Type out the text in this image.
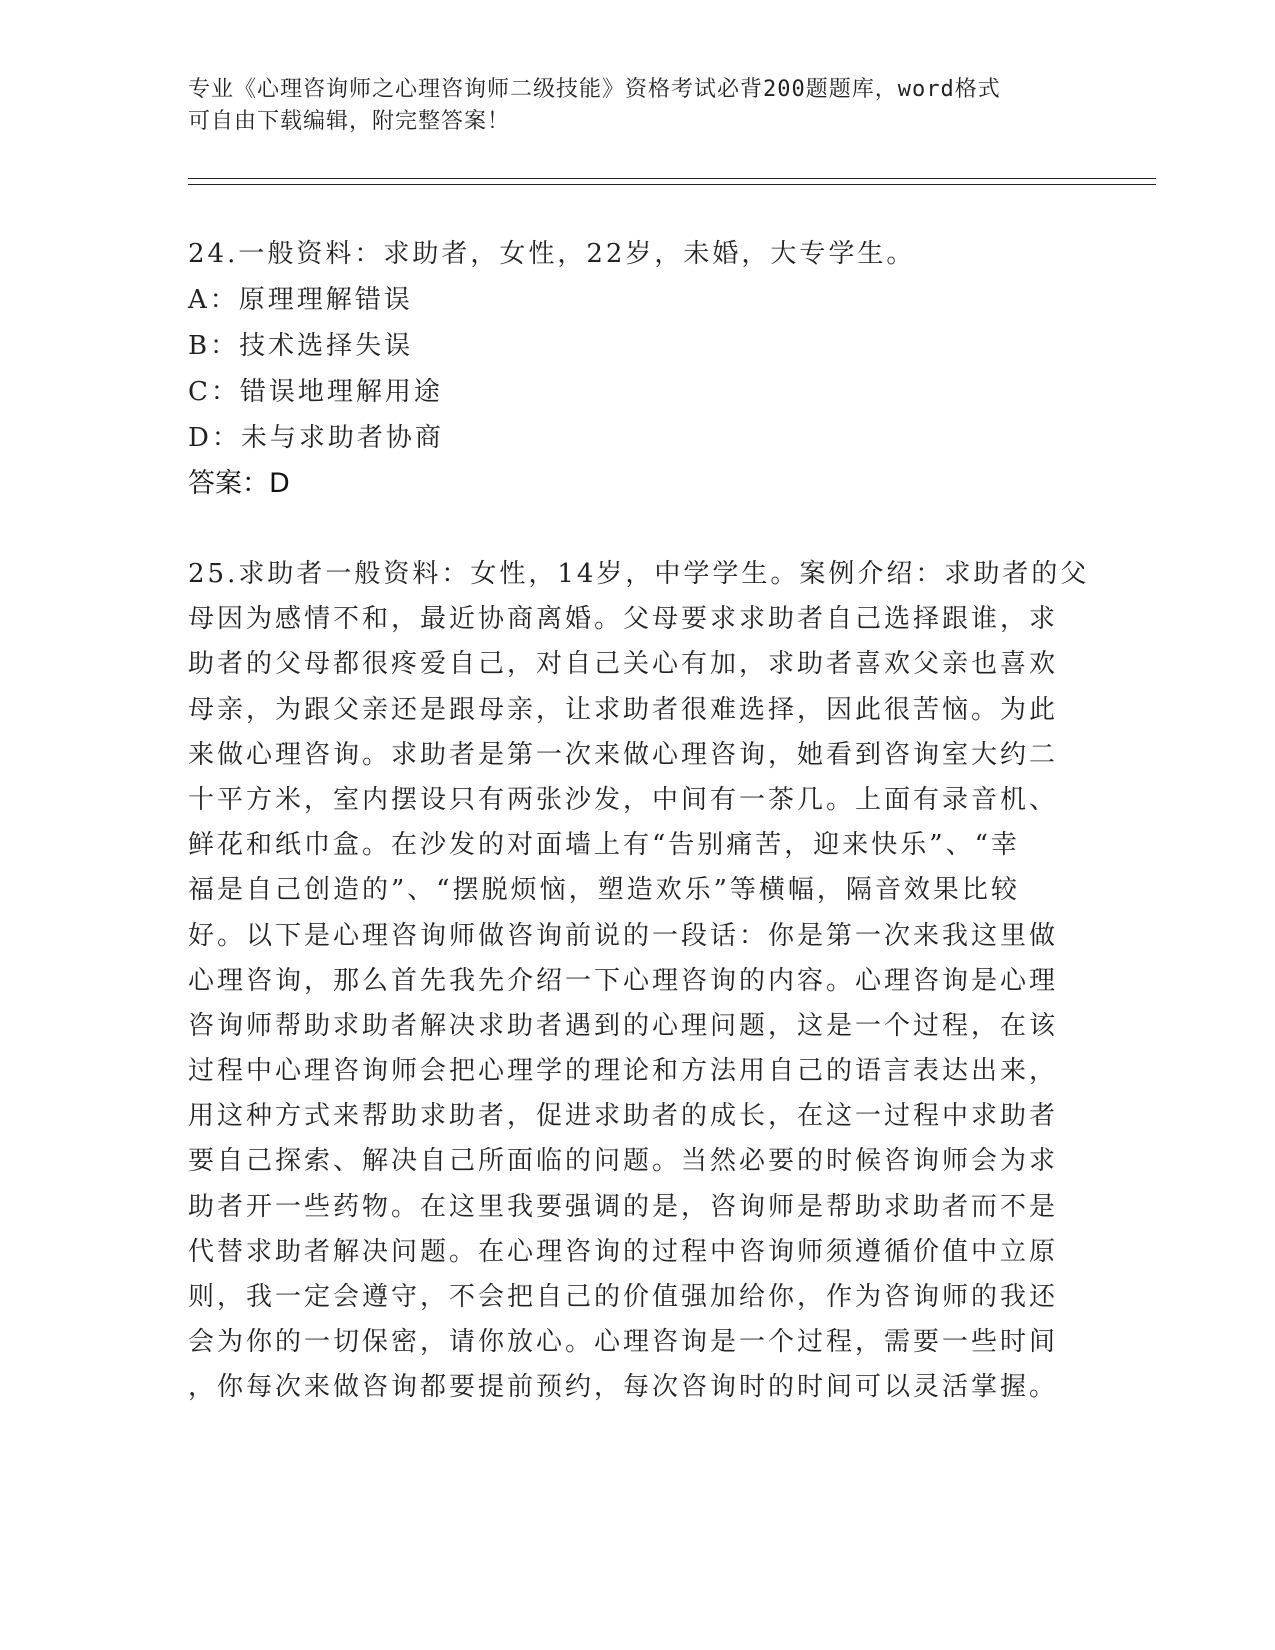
专业《心理咨询师之心理咨询师二级技能》资格考试必背200题题库，word格式
可自由下载编辑，附完整答案！
24.一般资料：求助者，女性，22岁，未婚，大专学生。
A：原理理解错误
B：技术选择失误
C：错误地理解用途
D：未与求助者协商
答案：D
25.求助者一般资料：女性，14岁，中学学生。案例介绍：求助者的父
母因为感情不和，最近协商离婚。父母要求求助者自己选择跟谁，求
助者的父母都很疼爱自己，对自己关心有加，求助者喜欢父亲也喜欢
母亲，为跟父亲还是跟母亲，让求助者很难选择，因此很苦恼。为此
来做心理咨询。求助者是第一次来做心理咨询，她看到咨询室大约二
十平方米，室内摆设只有两张沙发，中间有一茶几。上面有录音机、
鲜花和纸巾盒。在沙发的对面墙上有“告别痛苦，迎来快乐”、“幸
福是自己创造的”、“摆脱烦恼，塑造欢乐”等横幅，隔音效果比较
好。以下是心理咨询师做咨询前说的一段话：你是第一次来我这里做
心理咨询，那么首先我先介绍一下心理咨询的内容。心理咨询是心理
咨询师帮助求助者解决求助者遇到的心理问题，这是一个过程，在该
过程中心理咨询师会把心理学的理论和方法用自己的语言表达出来，
用这种方式来帮助求助者，促进求助者的成长，在这一过程中求助者
要自己探索、解决自己所面临的问题。当然必要的时候咨询师会为求
助者开一些药物。在这里我要强调的是，咨询师是帮助求助者而不是
代替求助者解决问题。在心理咨询的过程中咨询师须遵循价值中立原
则，我一定会遵守，不会把自己的价值强加给你，作为咨询师的我还
会为你的一切保密，请你放心。心理咨询是一个过程，需要一些时间
，你每次来做咨询都要提前预约，每次咨询时的时间可以灵活掌握。
